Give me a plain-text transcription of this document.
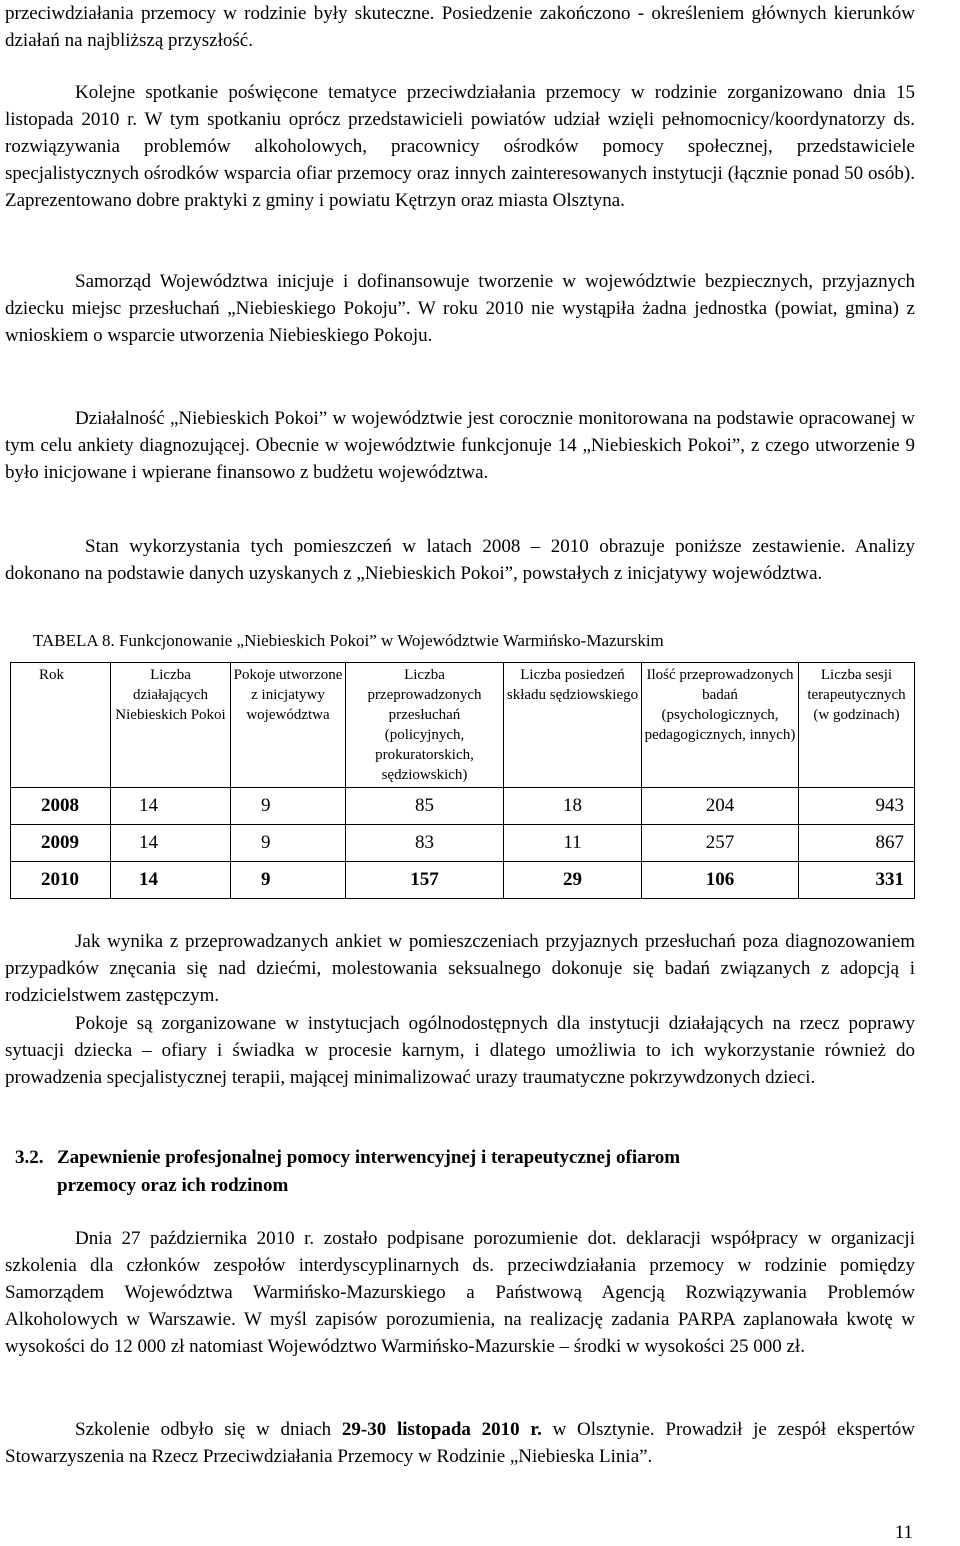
przeciwdziałania przemocy w rodzinie były skuteczne. Posiedzenie zakończono - określeniem głównych kierunków działań na najbliższą przyszłość.

Kolejne spotkanie poświęcone tematyce przeciwdziałania przemocy w rodzinie zorganizowano dnia 15 listopada 2010 r. W tym spotkaniu oprócz przedstawicieli powiatów udział wzięli pełnomocnicy/koordynatorzy ds. rozwiązywania problemów alkoholowych, pracownicy ośrodków pomocy społecznej, przedstawiciele specjalistycznych ośrodków wsparcia ofiar przemocy oraz innych zainteresowanych instytucji (łącznie ponad 50 osób). Zaprezentowano dobre praktyki z gminy i powiatu Kętrzyn oraz miasta Olsztyna.

Samorząd Województwa inicjuje i dofinansowuje tworzenie w województwie bezpiecznych, przyjaznych dziecku miejsc przesłuchań „Niebieskiego Pokoju”. W roku 2010 nie wystąpiła żadna jednostka (powiat, gmina) z wnioskiem o wsparcie utworzenia Niebieskiego Pokoju.

Działalność „Niebieskich Pokoi” w województwie jest corocznie monitorowana na podstawie opracowanej w tym celu ankiety diagnozującej. Obecnie w województwie funkcjonuje 14 „Niebieskich Pokoi”, z czego utworzenie 9 było inicjowane i wpierane finansowo z budżetu województwa.

Stan wykorzystania tych pomieszczeń w latach 2008 – 2010 obrazuje poniższe zestawienie. Analizy dokonano na podstawie danych uzyskanych z „Niebieskich Pokoi”, powstałych z inicjatywy województwa.

TABELA 8. Funkcjonowanie „Niebieskich Pokoi” w Województwie Warmińsko-Mazurskim
Rok	Liczba działających Niebieskich Pokoi	Pokoje utworzone z inicjatywy województwa	Liczba przeprowadzonych przesłuchań (policyjnych, prokuratorskich, sędziowskich)	Liczba posiedzeń składu sędziowskiego	Ilość przeprowadzonych badań (psychologicznych, pedagogicznych, innych)	Liczba sesji terapeutycznych (w godzinach)
2008	14	9	85	18	204	943
2009	14	9	83	11	257	867
2010	14	9	157	29	106	331

Jak wynika z przeprowadzanych ankiet w pomieszczeniach przyjaznych przesłuchań poza diagnozowaniem przypadków znęcania się nad dziećmi, molestowania seksualnego dokonuje się badań związanych z adopcją i rodzicielstwem zastępczym.

Pokoje są zorganizowane w instytucjach ogólnodostępnych dla instytucji działających na rzecz poprawy sytuacji dziecka – ofiary i świadka w procesie karnym, i dlatego umożliwia to ich wykorzystanie również do prowadzenia specjalistycznej terapii, mającej minimalizować urazy traumatyczne pokrzywdzonych dzieci.

3.2. Zapewnienie profesjonalnej pomocy interwencyjnej i terapeutycznej ofiarom
przemocy oraz ich rodzinom

Dnia 27 października 2010 r. zostało podpisane porozumienie dot. deklaracji współpracy w organizacji szkolenia dla członków zespołów interdyscyplinarnych ds. przeciwdziałania przemocy w rodzinie pomiędzy Samorządem Województwa Warmińsko-Mazurskiego a Państwową Agencją Rozwiązywania Problemów Alkoholowych w Warszawie. W myśl zapisów porozumienia, na realizację zadania PARPA zaplanowała kwotę w wysokości do 12 000 zł natomiast Województwo Warmińsko-Mazurskie – środki w wysokości 25 000 zł.

Szkolenie odbyło się w dniach 29-30 listopada 2010 r. w Olsztynie. Prowadził je zespół ekspertów Stowarzyszenia na Rzecz Przeciwdziałania Przemocy w Rodzinie „Niebieska Linia”.

11
